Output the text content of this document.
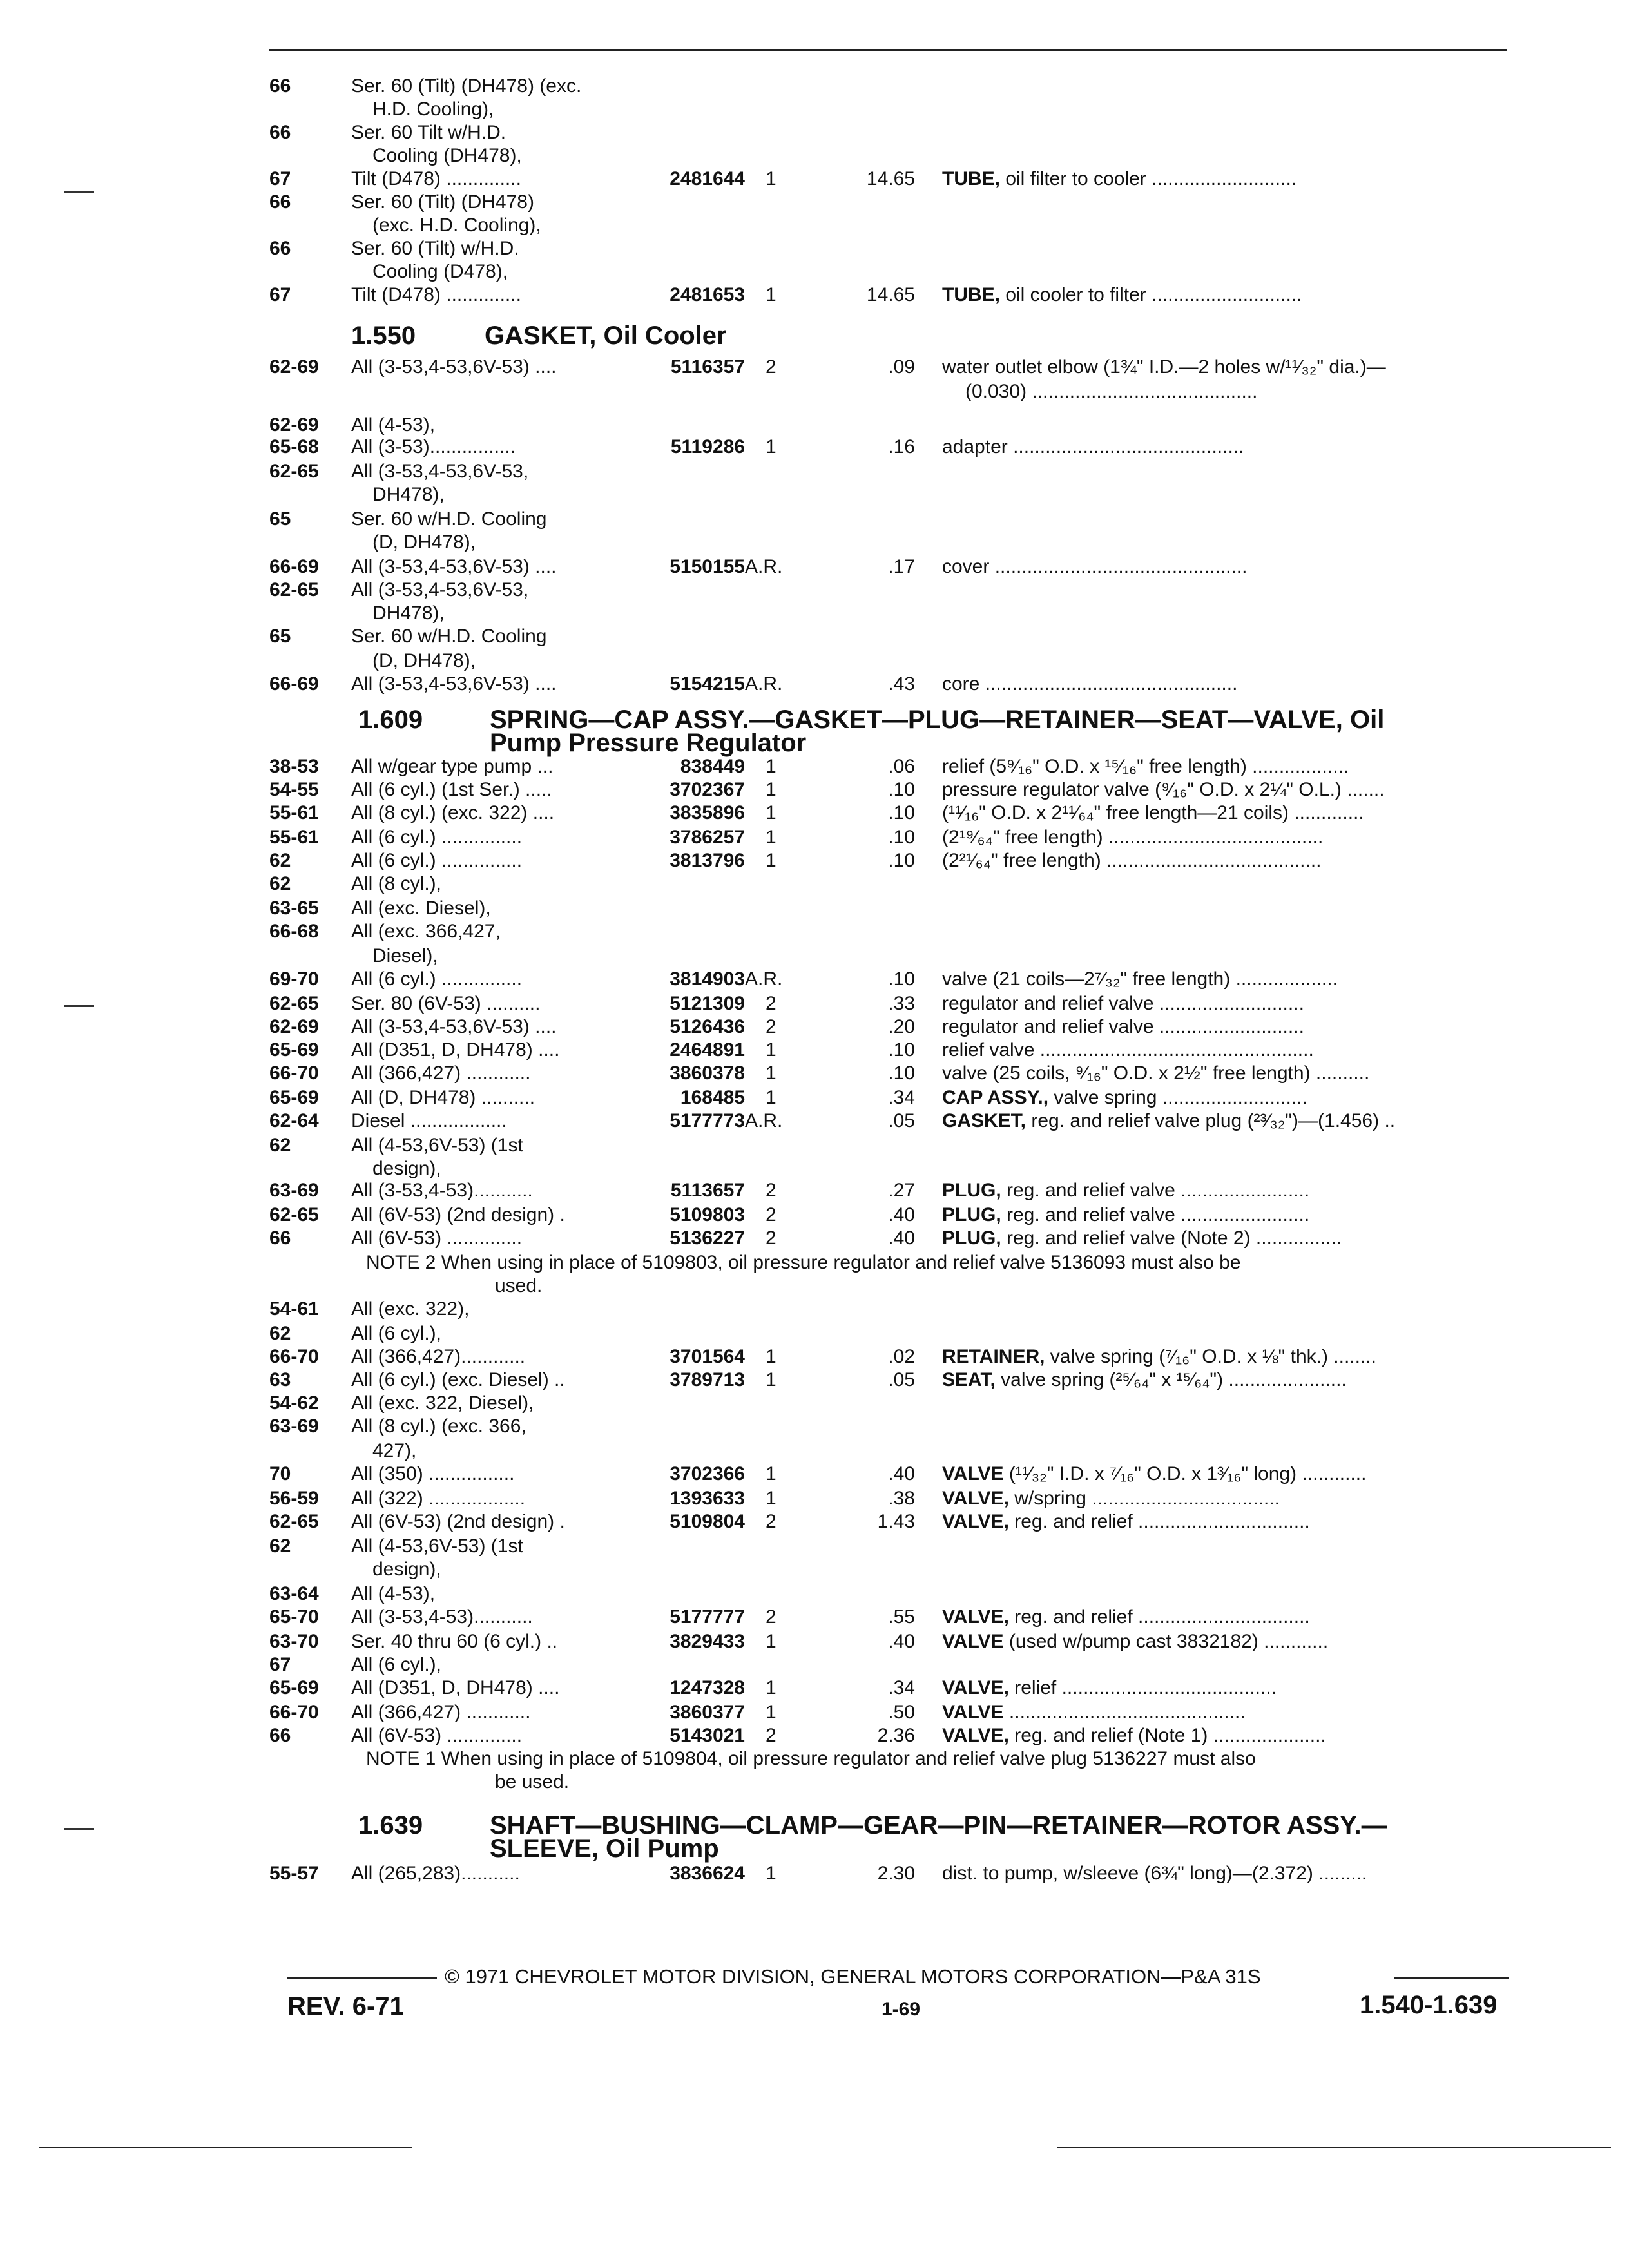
66	Ser. 60 (Tilt) (DH478) (exc.
H.D. Cooling),
66	Ser. 60 Tilt w/H.D.
Cooling (DH478),
67	Tilt (D478) ..............	2481644 1	14.65 TUBE, oil filter to cooler ...........................
66	Ser. 60 (Tilt) (DH478)
(exc. H.D. Cooling),
66	Ser. 60 (Tilt) w/H.D.
Cooling (D478),
67	Tilt (D478) ..............	2481653 1	14.65 TUBE, oil cooler to filter ............................
1.550	GASKET, Oil Cooler
62-69 All (3-53,4-53,6V-53) ....	5116357 2	.09 water outlet elbow (1¾" I.D.—2 holes w/¹¹⁄₃₂" dia.)—
(0.030) ..........................................
62-69 All (4-53),
65-68 All (3-53)................	5119286 1	.16 adapter ...........................................
62-65 All (3-53,4-53,6V-53,
DH478),
65	Ser. 60 w/H.D. Cooling
(D, DH478),
66-69 All (3-53,4-53,6V-53) ....	5150155 A.R.	.17 cover ...............................................
62-65 All (3-53,4-53,6V-53,
DH478),
65	Ser. 60 w/H.D. Cooling
(D, DH478),
66-69 All (3-53,4-53,6V-53) ....	5154215 A.R.	.43 core ...............................................
1.609	SPRING—CAP ASSY.—GASKET—PLUG—RETAINER—SEAT—VALVE, Oil
Pump Pressure Regulator
38-53 All w/gear type pump ...	838449 1	.06 relief (5⁹⁄₁₆" O.D. x ¹⁵⁄₁₆" free length) ..................
54-55 All (6 cyl.) (1st Ser.) .....	3702367 1	.10 pressure regulator valve (⁹⁄₁₆" O.D. x 2¼" O.L.) .......
55-61 All (8 cyl.) (exc. 322) ....	3835896 1	.10 (¹¹⁄₁₆" O.D. x 2¹¹⁄₆₄" free length—21 coils) .............
55-61 All (6 cyl.) ...............	3786257 1	.10 (2¹⁹⁄₆₄" free length) ........................................
62	All (6 cyl.) ...............	3813796 1	.10 (2²¹⁄₆₄" free length) ........................................
62	All (8 cyl.),
63-65 All (exc. Diesel),
66-68 All (exc. 366,427,
Diesel),
69-70 All (6 cyl.) ...............	3814903 A.R.	.10 valve (21 coils—2⁷⁄₃₂" free length) ...................
62-65 Ser. 80 (6V-53) ..........	5121309 2	.33 regulator and relief valve ...........................
62-69 All (3-53,4-53,6V-53) ....	5126436 2	.20 regulator and relief valve ...........................
65-69 All (D351, D, DH478) ....	2464891 1	.10 relief valve ...................................................
66-70 All (366,427) ............	3860378 1	.10 valve (25 coils, ⁹⁄₁₆" O.D. x 2½" free length) ..........
65-69 All (D, DH478) ..........	168485 1	.34 CAP ASSY., valve spring ...........................
62-64 Diesel ..................	5177773 A.R.	.05 GASKET, reg. and relief valve plug (²³⁄₃₂")—(1.456) ..
62	All (4-53,6V-53) (1st
design),
63-69 All (3-53,4-53)...........	5113657 2	.27 PLUG, reg. and relief valve ........................
62-65 All (6V-53) (2nd design) .	5109803 2	.40 PLUG, reg. and relief valve ........................
66	All (6V-53) ..............	5136227 2	.40 PLUG, reg. and relief valve (Note 2) ................
NOTE 2 When using in place of 5109803, oil pressure regulator and relief valve 5136093 must also be
used.
54-61 All (exc. 322),
62	All (6 cyl.),
66-70 All (366,427)............	3701564 1	.02 RETAINER, valve spring (⁷⁄₁₆" O.D. x ⅛" thk.) ........
63	All (6 cyl.) (exc. Diesel) ..	3789713 1	.05 SEAT, valve spring (²⁵⁄₆₄" x ¹⁵⁄₆₄") ......................
54-62 All (exc. 322, Diesel),
63-69 All (8 cyl.) (exc. 366,
427),
70	All (350) ................	3702366 1	.40 VALVE (¹¹⁄₃₂" I.D. x ⁷⁄₁₆" O.D. x 1³⁄₁₆" long) ............
56-59 All (322) ..................	1393633 1	.38 VALVE, w/spring ...................................
62-65 All (6V-53) (2nd design) .	5109804 2	1.43 VALVE, reg. and relief ................................
62	All (4-53,6V-53) (1st
design),
63-64 All (4-53),
65-70 All (3-53,4-53)...........	5177777 2	.55 VALVE, reg. and relief ................................
63-70 Ser. 40 thru 60 (6 cyl.) ..	3829433 1	.40 VALVE (used w/pump cast 3832182) ............
67	All (6 cyl.),
65-69 All (D351, D, DH478) ....	1247328 1	.34 VALVE, relief ........................................
66-70 All (366,427) ............	3860377 1	.50 VALVE ............................................
66	All (6V-53) ..............	5143021 2	2.36 VALVE, reg. and relief (Note 1) .....................
NOTE 1 When using in place of 5109804, oil pressure regulator and relief valve plug 5136227 must also
be used.
1.639	SHAFT—BUSHING—CLAMP—GEAR—PIN—RETAINER—ROTOR ASSY.—
SLEEVE, Oil Pump
55-57 All (265,283)...........	3836624 1	2.30 dist. to pump, w/sleeve (6¾" long)—(2.372) .........
© 1971 CHEVROLET MOTOR DIVISION, GENERAL MOTORS CORPORATION—P&A 31S
REV. 6-71	1-69	1.540-1.639
